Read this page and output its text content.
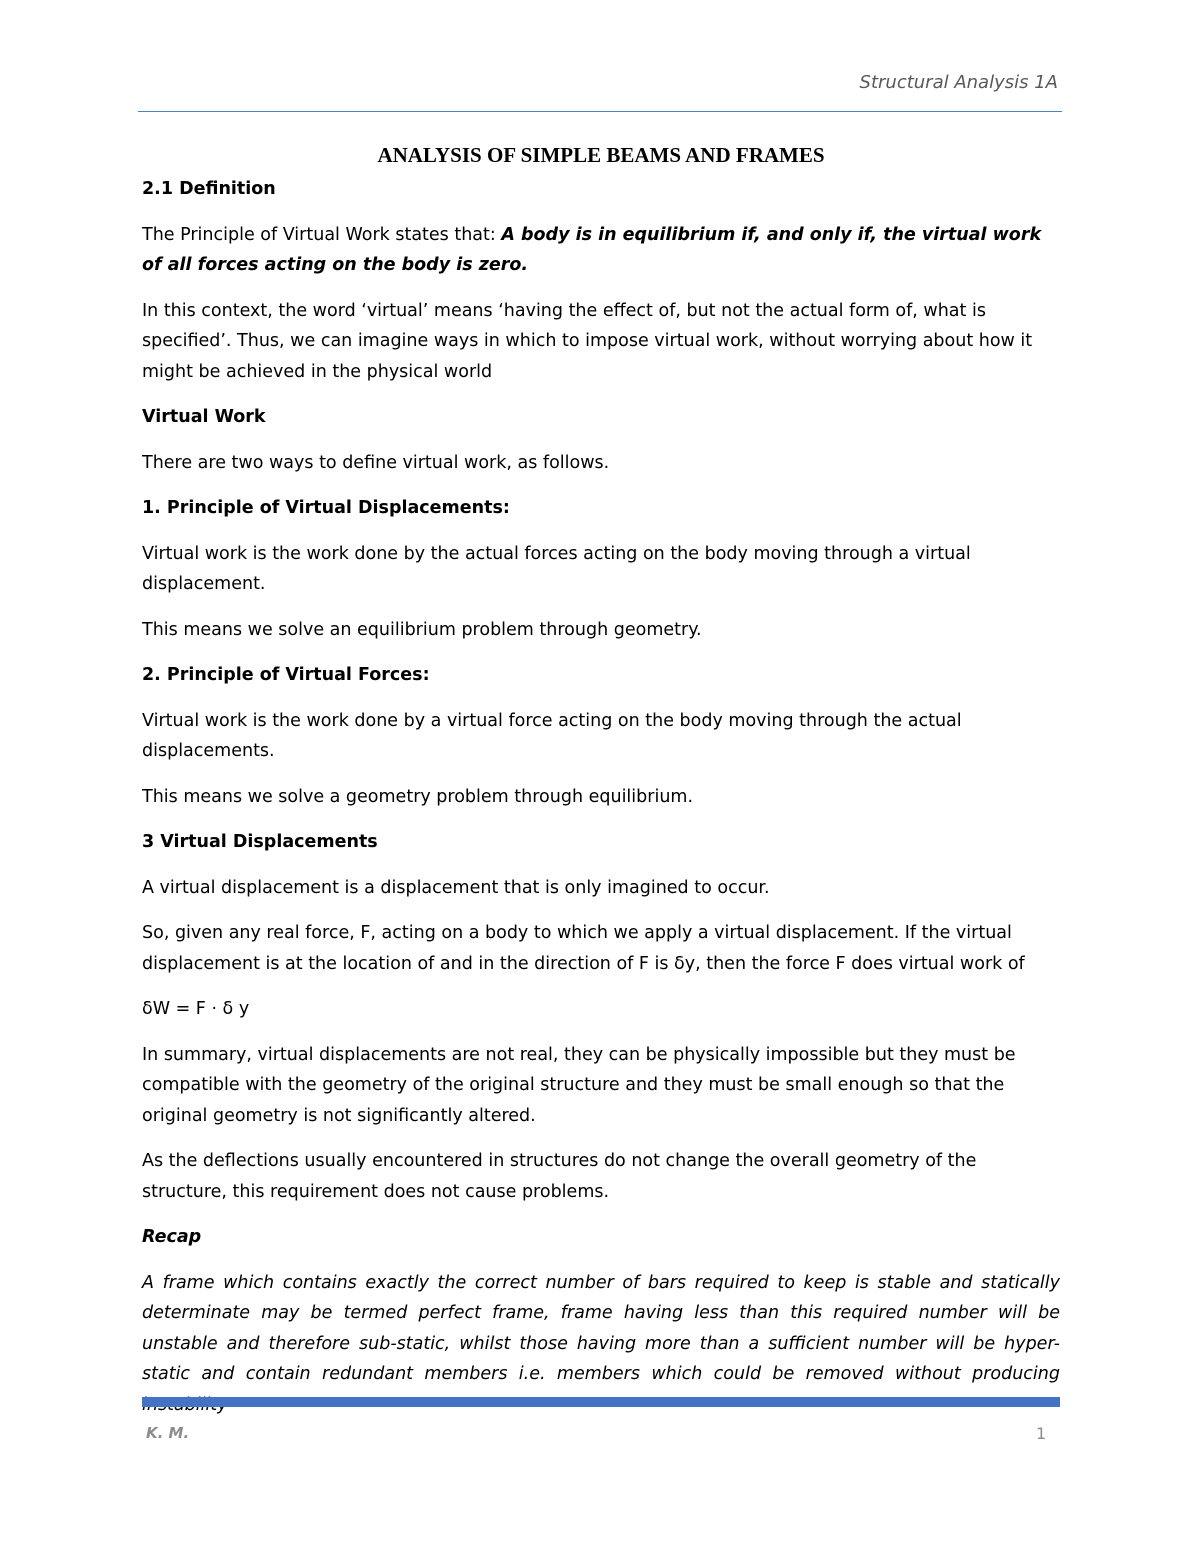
Structural Analysis 1A
ANALYSIS OF SIMPLE BEAMS AND FRAMES

2.1 Definition

The Principle of Virtual Work states that: A body is in equilibrium if, and only if, the virtual work of all forces acting on the body is zero.

In this context, the word ‘virtual’ means ‘having the effect of, but not the actual form of, what is specified’. Thus, we can imagine ways in which to impose virtual work, without worrying about how it might be achieved in the physical world

Virtual Work

There are two ways to define virtual work, as follows.

1. Principle of Virtual Displacements:

Virtual work is the work done by the actual forces acting on the body moving through a virtual displacement.

This means we solve an equilibrium problem through geometry.

2. Principle of Virtual Forces:

Virtual work is the work done by a virtual force acting on the body moving through the actual displacements.

This means we solve a geometry problem through equilibrium.

3 Virtual Displacements

A virtual displacement is a displacement that is only imagined to occur.

So, given any real force, F, acting on a body to which we apply a virtual displacement. If the virtual displacement is at the location of and in the direction of F is δy, then the force F does virtual work of

δW = F ⋅ δ y

In summary, virtual displacements are not real, they can be physically impossible but they must be compatible with the geometry of the original structure and they must be small enough so that the original geometry is not significantly altered.

As the deflections usually encountered in structures do not change the overall geometry of the structure, this requirement does not cause problems.

Recap

A frame which contains exactly the correct number of bars required to keep is stable and statically determinate may be termed perfect frame, frame having less than this required number will be unstable and therefore sub-static, whilst those having more than a sufficient number will be hyper-static and contain redundant members i.e. members which could be removed without producing

K. M.	1
